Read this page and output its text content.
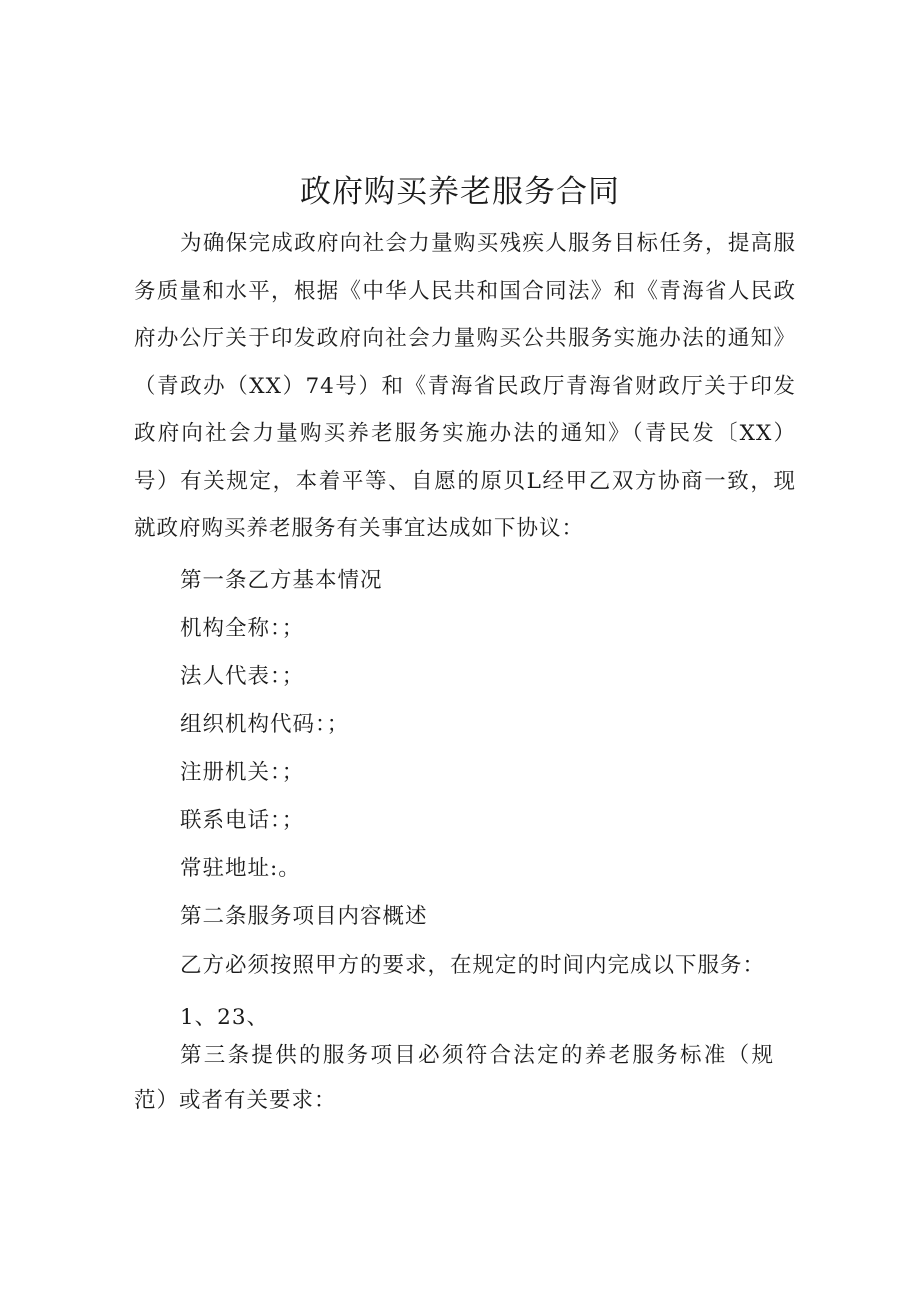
政府购买养老服务合同

为确保完成政府向社会力量购买残疾人服务目标任务，提高服务质量和水平，根据《中华人民共和国合同法》和《青海省人民政府办公厅关于印发政府向社会力量购买公共服务实施办法的通知》（青政办（XX）74号）和《青海省民政厅青海省财政厅关于印发政府向社会力量购买养老服务实施办法的通知》（青民发〔XX）号）有关规定，本着平等、自愿的原贝L经甲乙双方协商一致，现就政府购买养老服务有关事宜达成如下协议：

第一条乙方基本情况

机构全称：；

法人代表：；

组织机构代码：；

注册机关：；

联系电话：；

常驻地址:。

第二条服务项目内容概述

乙方必须按照甲方的要求，在规定的时间内完成以下服务：

1、23、

第三条提供的服务项目必须符合法定的养老服务标准（规范）或者有关要求：
